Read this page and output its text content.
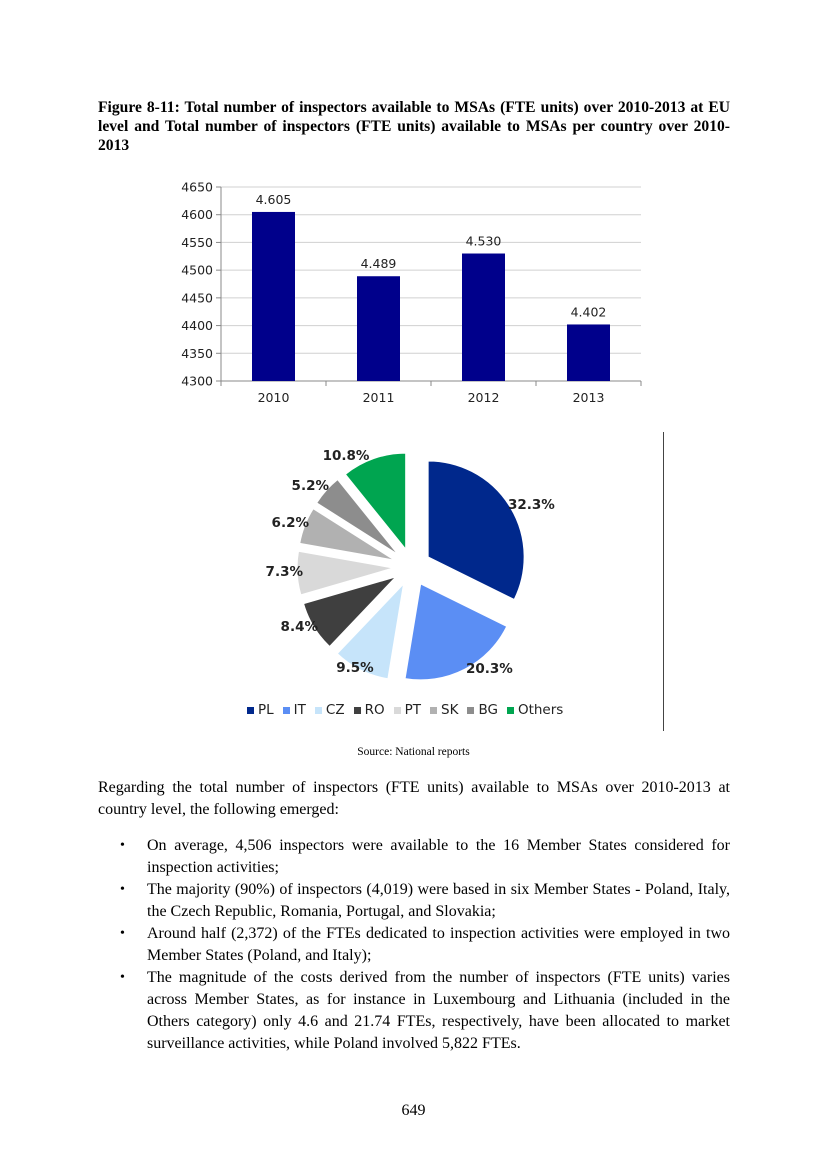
Figure 8-11: Total number of inspectors available to MSAs (FTE units) over 2010-2013 at EU level and Total number of inspectors (FTE units) available to MSAs per country over 2010-2013
4650
4600
4550
4500
4450
4400
4350
4300
4.605
2010
4.489
2011
4.530
2012
4.402
2013
32.3%
20.3%
9.5%
8.4%
7.3%
6.2%
5.2%
10.8%
PL IT CZ RO PT SK BG Others
Source: National reports
Regarding the total number of inspectors (FTE units) available to MSAs over 2010-2013 at country level, the following emerged:
• On average, 4,506 inspectors were available to the 16 Member States considered for inspection activities;
• The majority (90%) of inspectors (4,019) were based in six Member States - Poland, Italy, the Czech Republic, Romania, Portugal, and Slovakia;
• Around half (2,372) of the FTEs dedicated to inspection activities were employed in two Member States (Poland, and Italy);
• The magnitude of the costs derived from the number of inspectors (FTE units) varies across Member States, as for instance in Luxembourg and Lithuania (included in the Others category) only 4.6 and 21.74 FTEs, respectively, have been allocated to market surveillance activities, while Poland involved 5,822 FTEs.
649
